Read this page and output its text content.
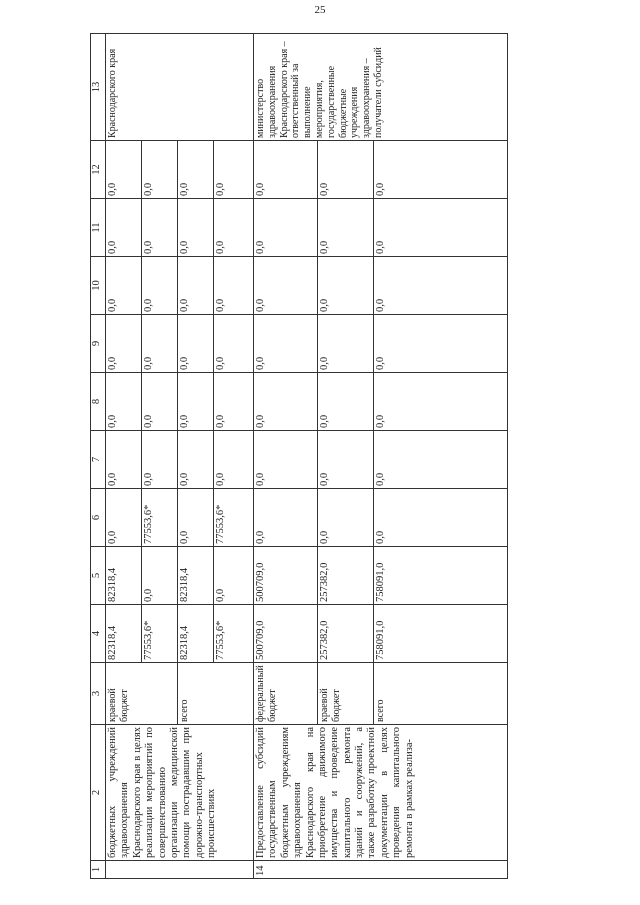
25
1	2	3	4	5	6	7	8	9	10	11	12	13
	бюджетных учреждений здравоохранения Краснодарского края в целях реализации мероприятий по совершенствованию организации медицинской помощи пострадавшим при дорожно-транспортных происшествиях	краевой бюджет	82318,4	82318,4	0,0	0,0	0,0	0,0	0,0	0,0	0,0	Краснодарского края
			77553,6*	0,0	77553,6*	0,0	0,0	0,0	0,0	0,0	0,0	
		всего	82318,4	82318,4	0,0	0,0	0,0	0,0	0,0	0,0	0,0	
			77553,6*	0,0	77553,6*	0,0	0,0	0,0	0,0	0,0	0,0	
14	Предоставление субсидий государственным бюджетным учреждениям здравоохранения Краснодарского края на приобретение движимого имущества и проведение капитального ремонта зданий и сооружений, а также разработку проектной документации в целях проведения капитального ремонта в рамках реализа-	федеральный бюджет	500709,0	500709,0	0,0	0,0	0,0	0,0	0,0	0,0	0,0	министерство здравоохранения Краснодарского края – ответственный за выполнение мероприятия, государственные бюджетные учреждения здравоохранения – получатели субсидий
		краевой бюджет	257382,0	257382,0	0,0	0,0	0,0	0,0	0,0	0,0	0,0	
		всего	758091,0	758091,0	0,0	0,0	0,0	0,0	0,0	0,0	0,0	
